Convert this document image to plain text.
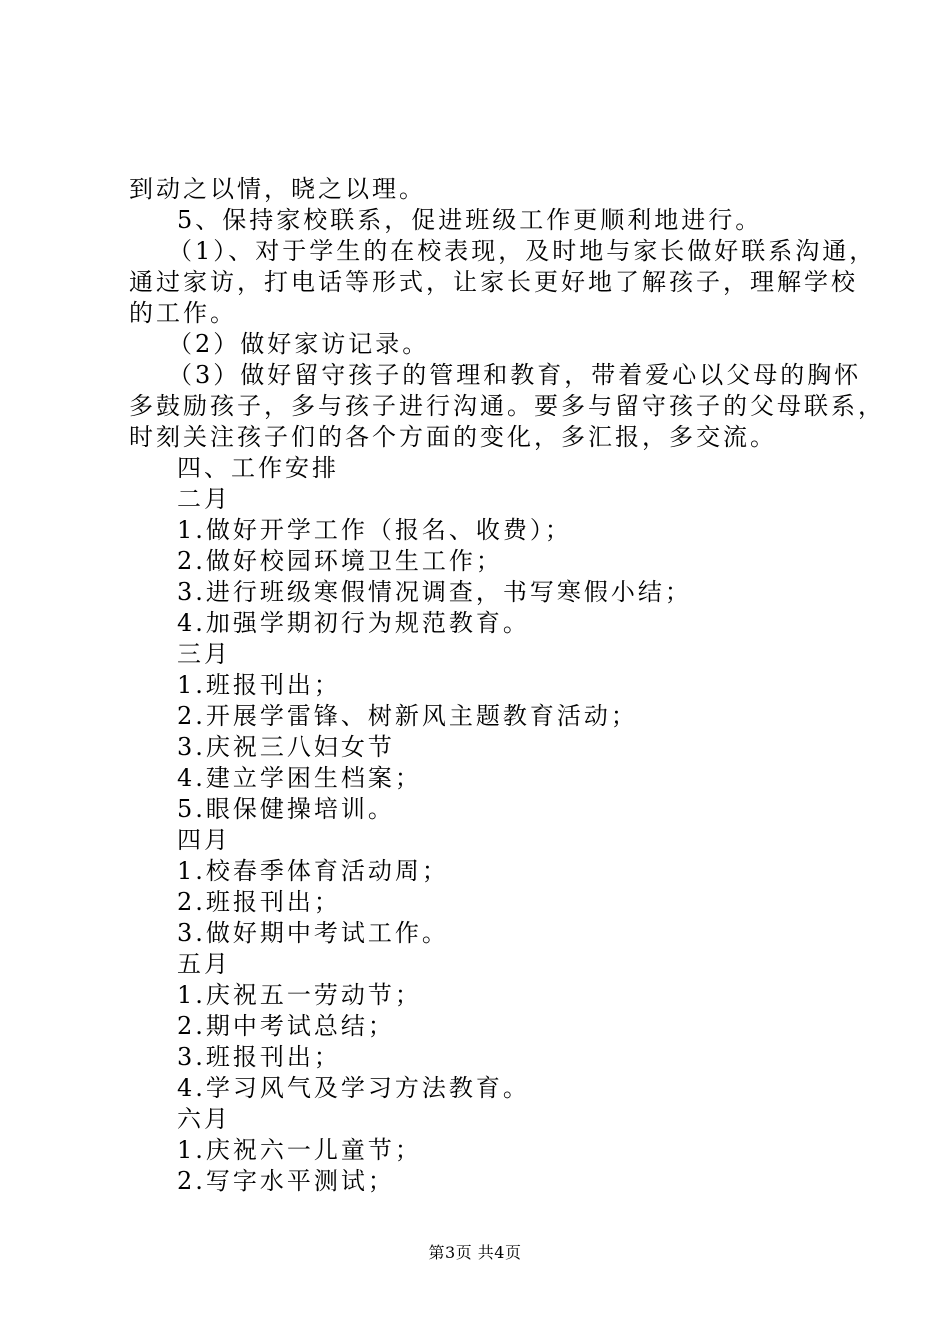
到动之以情，晓之以理。
5、保持家校联系，促进班级工作更顺利地进行。
（1）、对于学生的在校表现，及时地与家长做好联系沟通，
通过家访，打电话等形式，让家长更好地了解孩子，理解学校
的工作。
（2）做好家访记录。
（3）做好留守孩子的管理和教育，带着爱心以父母的胸怀
多鼓励孩子，多与孩子进行沟通。要多与留守孩子的父母联系，
时刻关注孩子们的各个方面的变化，多汇报，多交流。
四、工作安排
二月
1.做好开学工作（报名、收费）；
2.做好校园环境卫生工作；
3.进行班级寒假情况调查，书写寒假小结；
4.加强学期初行为规范教育。
三月
1.班报刊出；
2.开展学雷锋、树新风主题教育活动；
3.庆祝三八妇女节
4.建立学困生档案；
5.眼保健操培训。
四月
1.校春季体育活动周；
2.班报刊出；
3.做好期中考试工作。
五月
1.庆祝五一劳动节；
2.期中考试总结；
3.班报刊出；
4.学习风气及学习方法教育。
六月
1.庆祝六一儿童节；
2.写字水平测试；
第3页 共4页
